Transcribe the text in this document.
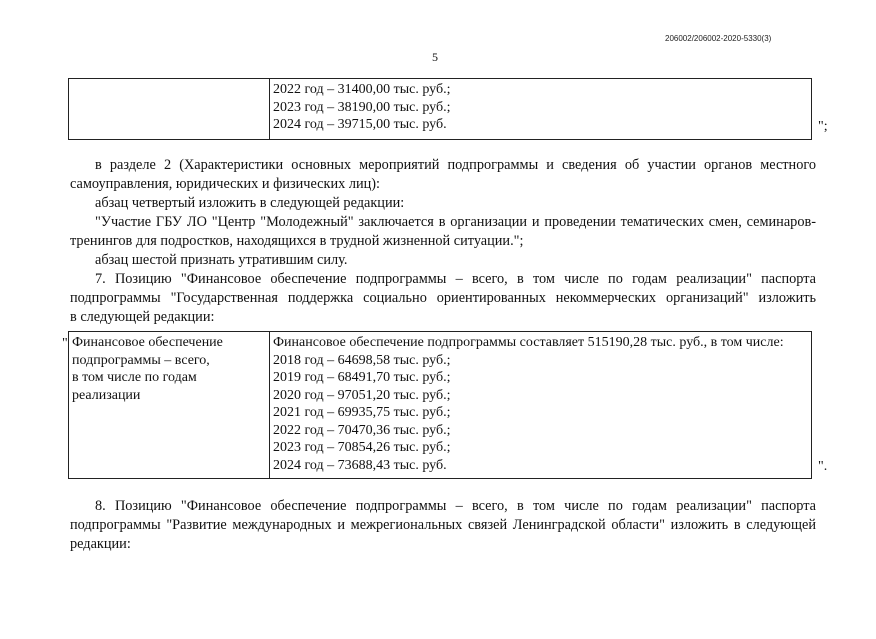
206002/206002-2020-5330(3)
5

2022 год – 31400,00 тыс. руб.;
2023 год – 38190,00 тыс. руб.;
2024 год – 39715,00 тыс. руб.	";
в разделе 2 (Характеристики основных мероприятий подпрограммы и сведения об участии органов местного
самоуправления, юридических и физических лиц):
абзац четвертый изложить в следующей редакции:
"Участие ГБУ ЛО "Центр "Молодежный" заключается в организации и проведении тематических смен, семинаров-
тренингов для подростков, находящихся в трудной жизненной ситуации.";
абзац шестой признать утратившим силу.
7. Позицию "Финансовое обеспечение подпрограммы – всего, в том числе по годам реализации" паспорта
подпрограммы "Государственная поддержка социально ориентированных некоммерческих организаций" изложить
в следующей редакции:
" Финансовое обеспечение
подпрограммы – всего,
в том числе по годам
реализации

Финансовое обеспечение подпрограммы составляет 515190,28 тыс. руб., в том числе:
2018 год – 64698,58 тыс. руб.;
2019 год – 68491,70 тыс. руб.;
2020 год – 97051,20 тыс. руб.;
2021 год – 69935,75 тыс. руб.;
2022 год – 70470,36 тыс. руб.;
2023 год – 70854,26 тыс. руб.;
2024 год – 73688,43 тыс. руб.	".
8. Позицию "Финансовое обеспечение подпрограммы – всего, в том числе по годам реализации" паспорта
подпрограммы "Развитие международных и межрегиональных связей Ленинградской области" изложить в следующей
редакции:
